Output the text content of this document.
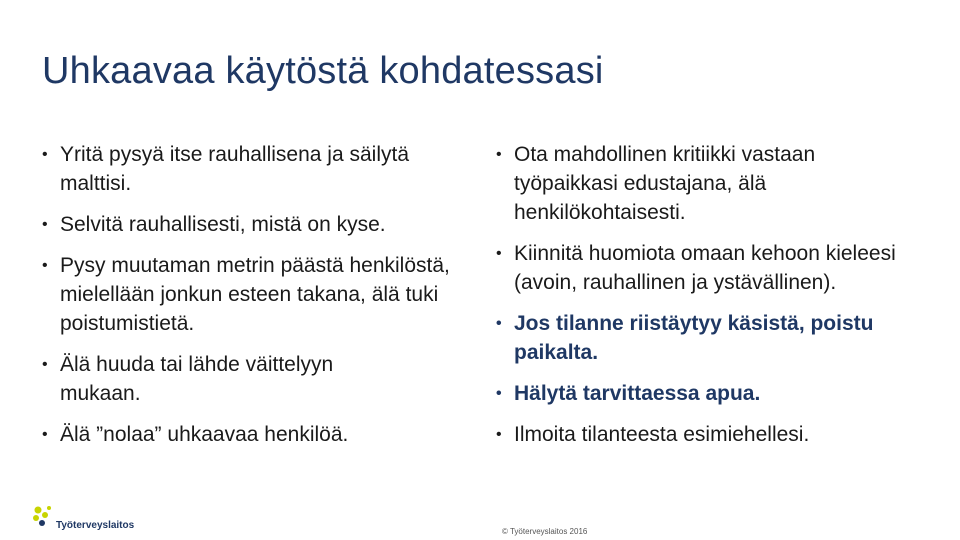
Uhkaavaa käytöstä kohdatessasi
• Yritä pysyä itse rauhallisena ja säilytä malttisi.
• Selvitä rauhallisesti, mistä on kyse.
• Pysy muutaman metrin päästä henkilöstä, mielellään jonkun esteen takana, älä tuki poistumistietä.
• Älä huuda tai lähde väittelyyn mukaan.
• Älä ”nolaa” uhkaavaa henkilöä.
• Ota mahdollinen kritiikki vastaan työpaikkasi edustajana, älä henkilökohtaisesti.
• Kiinnitä huomiota omaan kehoon kieleesi (avoin, rauhallinen ja ystävällinen).
• Jos tilanne riistäytyy käsistä, poistu paikalta.
• Hälytä tarvittaessa apua.
• Ilmoita tilanteesta esimiehellesi.
Työterveyslaitos
© Työterveyslaitos 2016
